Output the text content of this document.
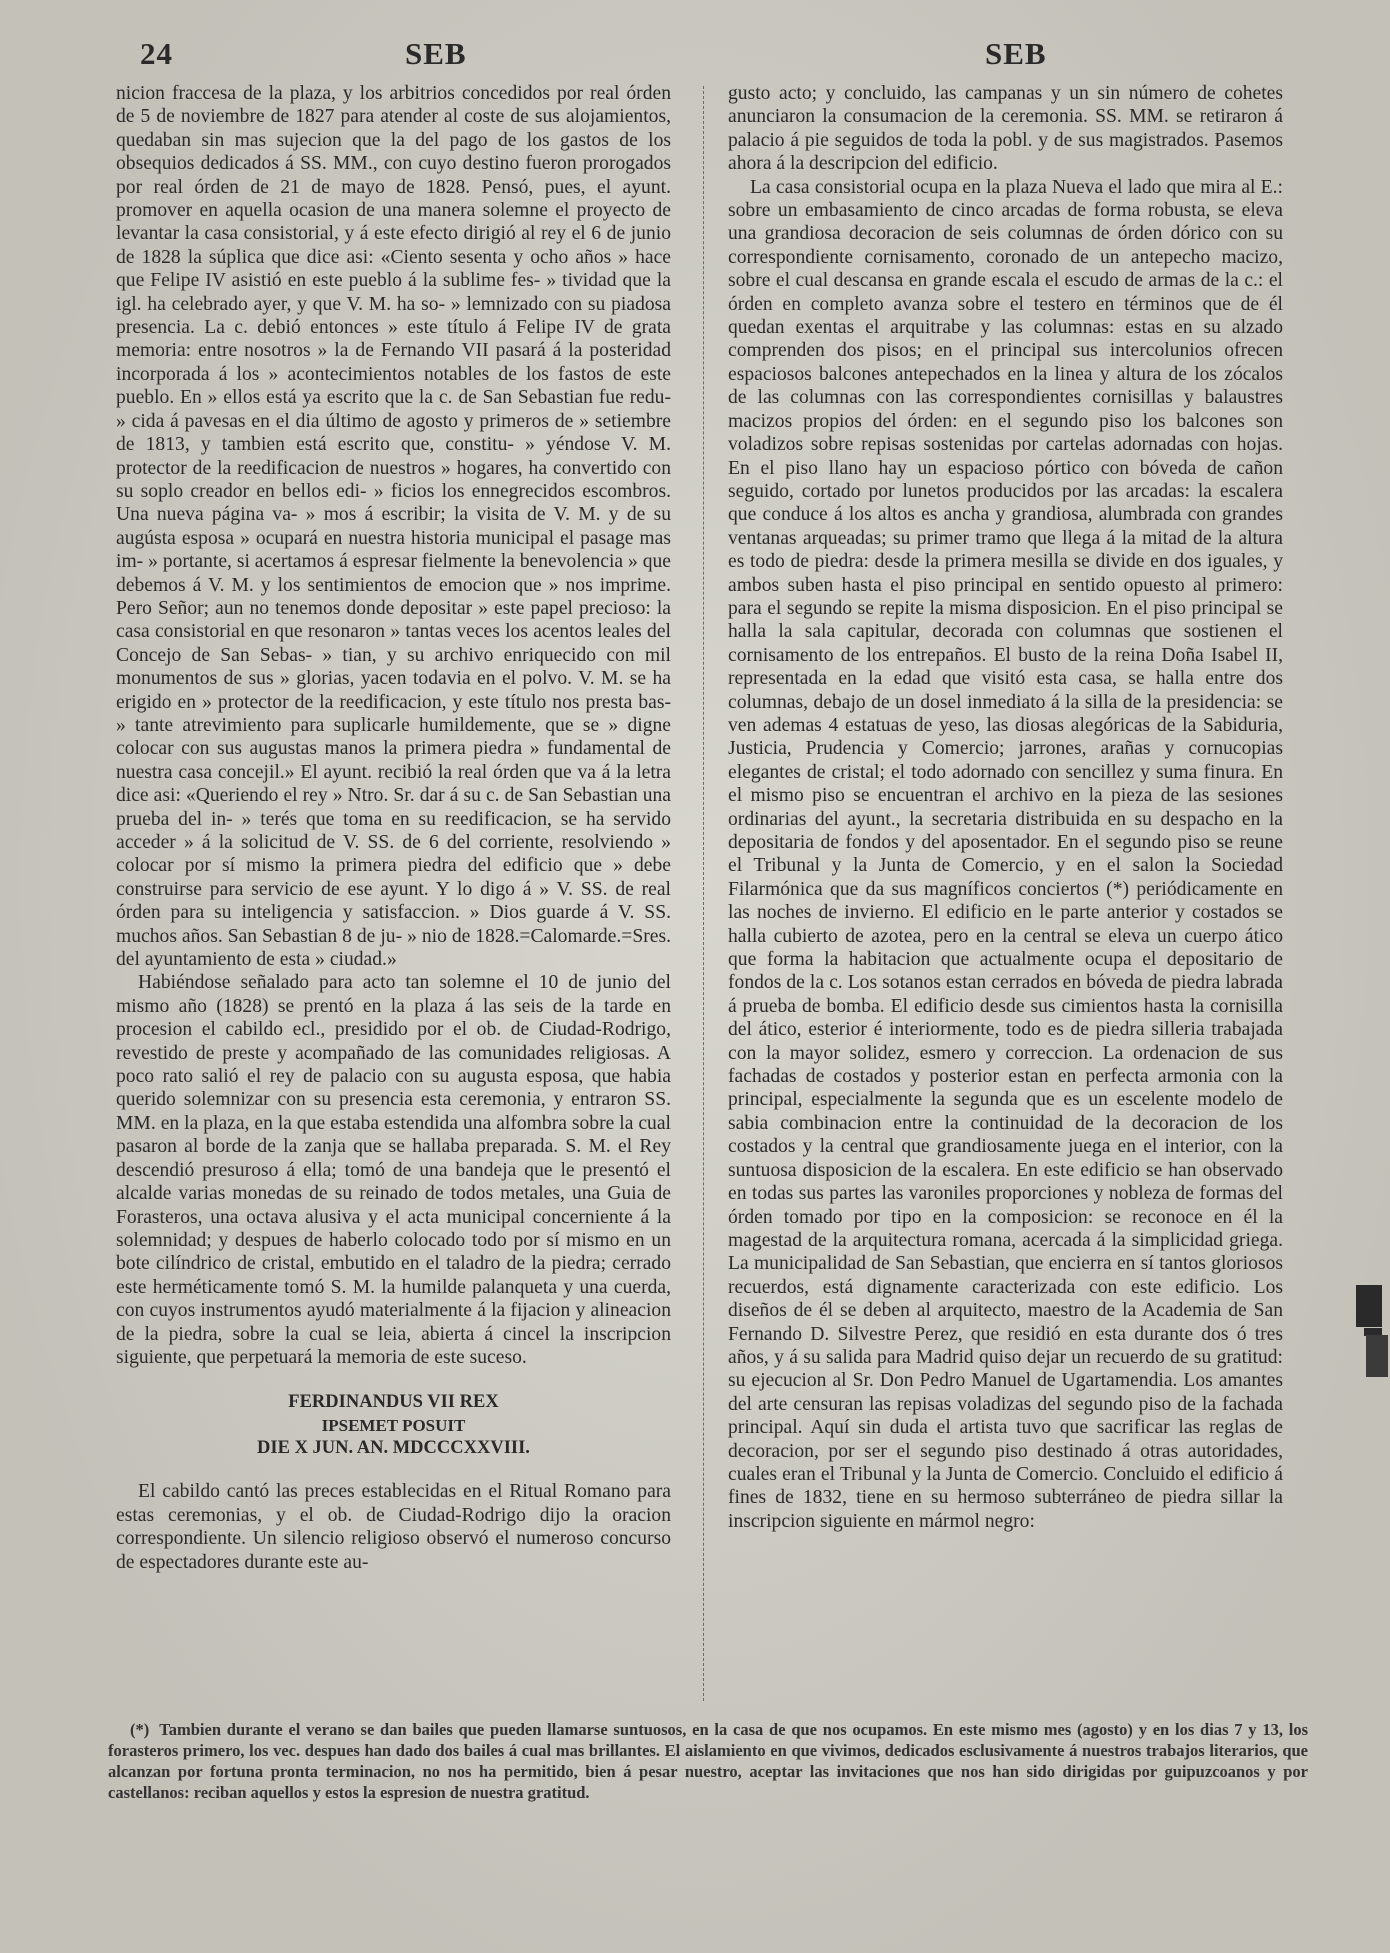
24	SEB	SEB

nicion fraccesa de la plaza, y los arbitrios concedidos por real órden de 5 de noviembre de 1827 para atender al coste de sus alojamientos, quedaban sin mas sujecion que la del pago de los gastos de los obsequios dedicados á SS. MM., con cuyo destino fueron prorogados por real órden de 21 de mayo de 1828. Pensó, pues, el ayunt. promover en aquella ocasion de una manera solemne el proyecto de levantar la casa consistorial, y á este efecto dirigió al rey el 6 de junio de 1828 la súplica que dice asi: «Ciento sesenta y ocho años » hace que Felipe IV asistió en este pueblo á la sublime fes- » tividad que la igl. ha celebrado ayer, y que V. M. ha so- » lemnizado con su piadosa presencia. La c. debió entonces » este título á Felipe IV de grata memoria: entre nosotros » la de Fernando VII pasará á la posteridad incorporada á los » acontecimientos notables de los fastos de este pueblo. En » ellos está ya escrito que la c. de San Sebastian fue redu- » cida á pavesas en el dia último de agosto y primeros de » setiembre de 1813, y tambien está escrito que, constitu- » yéndose V. M. protector de la reedificacion de nuestros » hogares, ha convertido con su soplo creador en bellos edi- » ficios los ennegrecidos escombros. Una nueva página va- » mos á escribir; la visita de V. M. y de su augústa esposa » ocupará en nuestra historia municipal el pasage mas im- » portante, si acertamos á espresar fielmente la benevolencia » que debemos á V. M. y los sentimientos de emocion que » nos imprime. Pero Señor; aun no tenemos donde depositar » este papel precioso: la casa consistorial en que resonaron » tantas veces los acentos leales del Concejo de San Sebas- » tian, y su archivo enriquecido con mil monumentos de sus » glorias, yacen todavia en el polvo. V. M. se ha erigido en » protector de la reedificacion, y este título nos presta bas- » tante atrevimiento para suplicarle humildemente, que se » digne colocar con sus augustas manos la primera piedra » fundamental de nuestra casa concejil.» El ayunt. recibió la real órden que va á la letra dice asi: «Queriendo el rey » Ntro. Sr. dar á su c. de San Sebastian una prueba del in- » terés que toma en su reedificacion, se ha servido acceder » á la solicitud de V. SS. de 6 del corriente, resolviendo » colocar por sí mismo la primera piedra del edificio que » debe construirse para servicio de ese ayunt. Y lo digo á » V. SS. de real órden para su inteligencia y satisfaccion. » Dios guarde á V. SS. muchos años. San Sebastian 8 de ju- » nio de 1828.=Calomarde.=Sres. del ayuntamiento de esta » ciudad.»

Habiéndose señalado para acto tan solemne el 10 de junio del mismo año (1828) se prentó en la plaza á las seis de la tarde en procesion el cabildo ecl., presidido por el ob. de Ciudad-Rodrigo, revestido de preste y acompañado de las comunidades religiosas. A poco rato salió el rey de palacio con su augusta esposa, que habia querido solemnizar con su presencia esta ceremonia, y entraron SS. MM. en la plaza, en la que estaba estendida una alfombra sobre la cual pasaron al borde de la zanja que se hallaba preparada. S. M. el Rey descendió presuroso á ella; tomó de una bandeja que le presentó el alcalde varias monedas de su reinado de todos metales, una Guia de Forasteros, una octava alusiva y el acta municipal concerniente á la solemnidad; y despues de haberlo colocado todo por sí mismo en un bote cilíndrico de cristal, embutido en el taladro de la piedra; cerrado este herméticamente tomó S. M. la humilde palanqueta y una cuerda, con cuyos instrumentos ayudó materialmente á la fijacion y alineacion de la piedra, sobre la cual se leia, abierta á cincel la inscripcion siguiente, que perpetuará la memoria de este suceso.

FERDINANDUS VII REX
IPSEMET POSUIT
DIE X JUN. AN. MDCCCXXVIII.

El cabildo cantó las preces establecidas en el Ritual Romano para estas ceremonias, y el ob. de Ciudad-Rodrigo dijo la oracion correspondiente. Un silencio religioso observó el numeroso concurso de espectadores durante este au-

gusto acto; y concluido, las campanas y un sin número de cohetes anunciaron la consumacion de la ceremonia. SS. MM. se retiraron á palacio á pie seguidos de toda la pobl. y de sus magistrados. Pasemos ahora á la descripcion del edificio.

La casa consistorial ocupa en la plaza Nueva el lado que mira al E.: sobre un embasamiento de cinco arcadas de forma robusta, se eleva una grandiosa decoracion de seis columnas de órden dórico con su correspondiente cornisamento, coronado de un antepecho macizo, sobre el cual descansa en grande escala el escudo de armas de la c.: el órden en completo avanza sobre el testero en términos que de él quedan exentas el arquitrabe y las columnas: estas en su alzado comprenden dos pisos; en el principal sus intercolunios ofrecen espaciosos balcones antepechados en la linea y altura de los zócalos de las columnas con las correspondientes cornisillas y balaustres macizos propios del órden: en el segundo piso los balcones son voladizos sobre repisas sostenidas por cartelas adornadas con hojas. En el piso llano hay un espacioso pórtico con bóveda de cañon seguido, cortado por lunetos producidos por las arcadas: la escalera que conduce á los altos es ancha y grandiosa, alumbrada con grandes ventanas arqueadas; su primer tramo que llega á la mitad de la altura es todo de piedra: desde la primera mesilla se divide en dos iguales, y ambos suben hasta el piso principal en sentido opuesto al primero: para el segundo se repite la misma disposicion. En el piso principal se halla la sala capitular, decorada con columnas que sostienen el cornisamento de los entrepaños. El busto de la reina Doña Isabel II, representada en la edad que visitó esta casa, se halla entre dos columnas, debajo de un dosel inmediato á la silla de la presidencia: se ven ademas 4 estatuas de yeso, las diosas alegóricas de la Sabiduria, Justicia, Prudencia y Comercio; jarrones, arañas y cornucopias elegantes de cristal; el todo adornado con sencillez y suma finura. En el mismo piso se encuentran el archivo en la pieza de las sesiones ordinarias del ayunt., la secretaria distribuida en su despacho en la depositaria de fondos y del aposentador. En el segundo piso se reune el Tribunal y la Junta de Comercio, y en el salon la Sociedad Filarmónica que da sus magníficos conciertos (*) periódicamente en las noches de invierno. El edificio en le parte anterior y costados se halla cubierto de azotea, pero en la central se eleva un cuerpo ático que forma la habitacion que actualmente ocupa el depositario de fondos de la c. Los sotanos estan cerrados en bóveda de piedra labrada á prueba de bomba. El edificio desde sus cimientos hasta la cornisilla del ático, esterior é interiormente, todo es de piedra silleria trabajada con la mayor solidez, esmero y correccion. La ordenacion de sus fachadas de costados y posterior estan en perfecta armonia con la principal, especialmente la segunda que es un escelente modelo de sabia combinacion entre la continuidad de la decoracion de los costados y la central que grandiosamente juega en el interior, con la suntuosa disposicion de la escalera. En este edificio se han observado en todas sus partes las varoniles proporciones y nobleza de formas del órden tomado por tipo en la composicion: se reconoce en él la magestad de la arquitectura romana, acercada á la simplicidad griega. La municipalidad de San Sebastian, que encierra en sí tantos gloriosos recuerdos, está dignamente caracterizada con este edificio. Los diseños de él se deben al arquitecto, maestro de la Academia de San Fernando D. Silvestre Perez, que residió en esta durante dos ó tres años, y á su salida para Madrid quiso dejar un recuerdo de su gratitud: su ejecucion al Sr. Don Pedro Manuel de Ugartamendia. Los amantes del arte censuran las repisas voladizas del segundo piso de la fachada principal. Aquí sin duda el artista tuvo que sacrificar las reglas de decoracion, por ser el segundo piso destinado á otras autoridades, cuales eran el Tribunal y la Junta de Comercio. Concluido el edificio á fines de 1832, tiene en su hermoso subterráneo de piedra sillar la inscripcion siguiente en mármol negro:

(*) Tambien durante el verano se dan bailes que pueden llamarse suntuosos, en la casa de que nos ocupamos. En este mismo mes (agosto) y en los dias 7 y 13, los forasteros primero, los vec. despues han dado dos bailes á cual mas brillantes. El aislamiento en que vivimos, dedicados esclusivamente á nuestros trabajos literarios, que alcanzan por fortuna pronta terminacion, no nos ha permitido, bien á pesar nuestro, aceptar las invitaciones que nos han sido dirigidas por guipuzcoanos y por castellanos: reciban aquellos y estos la espresion de nuestra gratitud.
